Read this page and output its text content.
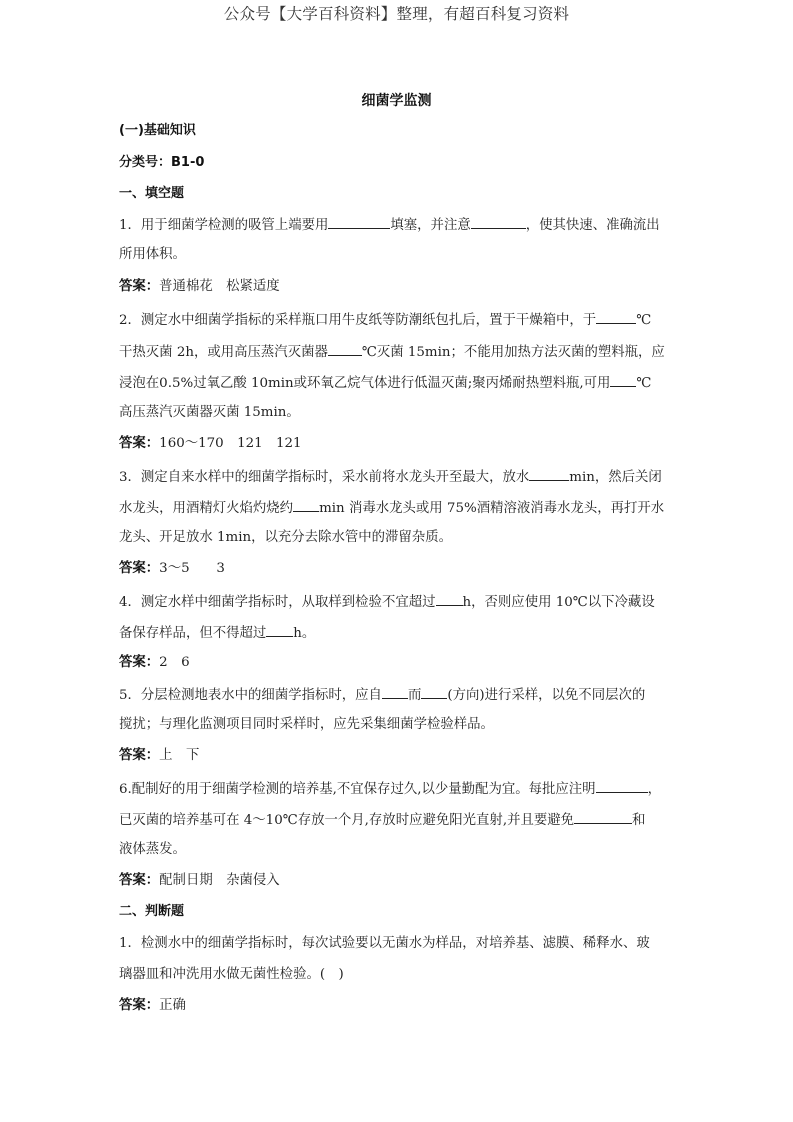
公众号【大学百科资料】整理，有超百科复习资料
细菌学监测
(一)基础知识
分类号：B1-0
一、填空题
1．用于细菌学检测的吸管上端要用	填塞，并注意	，使其快速、准确流出
所用体积。
答案：普通棉花　松紧适度
2．测定水中细菌学指标的采样瓶口用牛皮纸等防潮纸包扎后，置于干燥箱中，于	℃
干热灭菌 2h，或用高压蒸汽灭菌器	℃灭菌 15min；不能用加热方法灭菌的塑料瓶，应
浸泡在0.5%过氧乙酸 10min或环氧乙烷气体进行低温灭菌;聚丙烯耐热塑料瓶,可用 ℃
高压蒸汽灭菌器灭菌 15min。
答案：160～170　121　121
3．测定自来水样中的细菌学指标时，采水前将水龙头开至最大，放水	min，然后关闭
水龙头，用酒精灯火焰灼烧约 min 消毒水龙头或用 75%酒精溶液消毒水龙头，再打开水
龙头、开足放水 1min，以充分去除水管中的滞留杂质。
答案：3～5　　3
4．测定水样中细菌学指标时，从取样到检验不宜超过 h，否则应使用 10℃以下冷藏设
备保存样品，但不得超过 h。
答案：2　6
5．分层检测地表水中的细菌学指标时，应自 而 (方向)进行采样，以免不同层次的
搅扰；与理化监测项目同时采样时，应先采集细菌学检验样品。
答案：上　下
6.配制好的用于细菌学检测的培养基,不宜保存过久,以少量勤配为宜。每批应注明	，
已灭菌的培养基可在 4～10℃存放一个月,存放时应避免阳光直射,并且要避免	和
液体蒸发。
答案：配制日期　杂菌侵入
二、判断题
1．检测水中的细菌学指标时，每次试验要以无菌水为样品，对培养基、滤膜、稀释水、玻
璃器皿和冲洗用水做无菌性检验。(　)
答案：正确
